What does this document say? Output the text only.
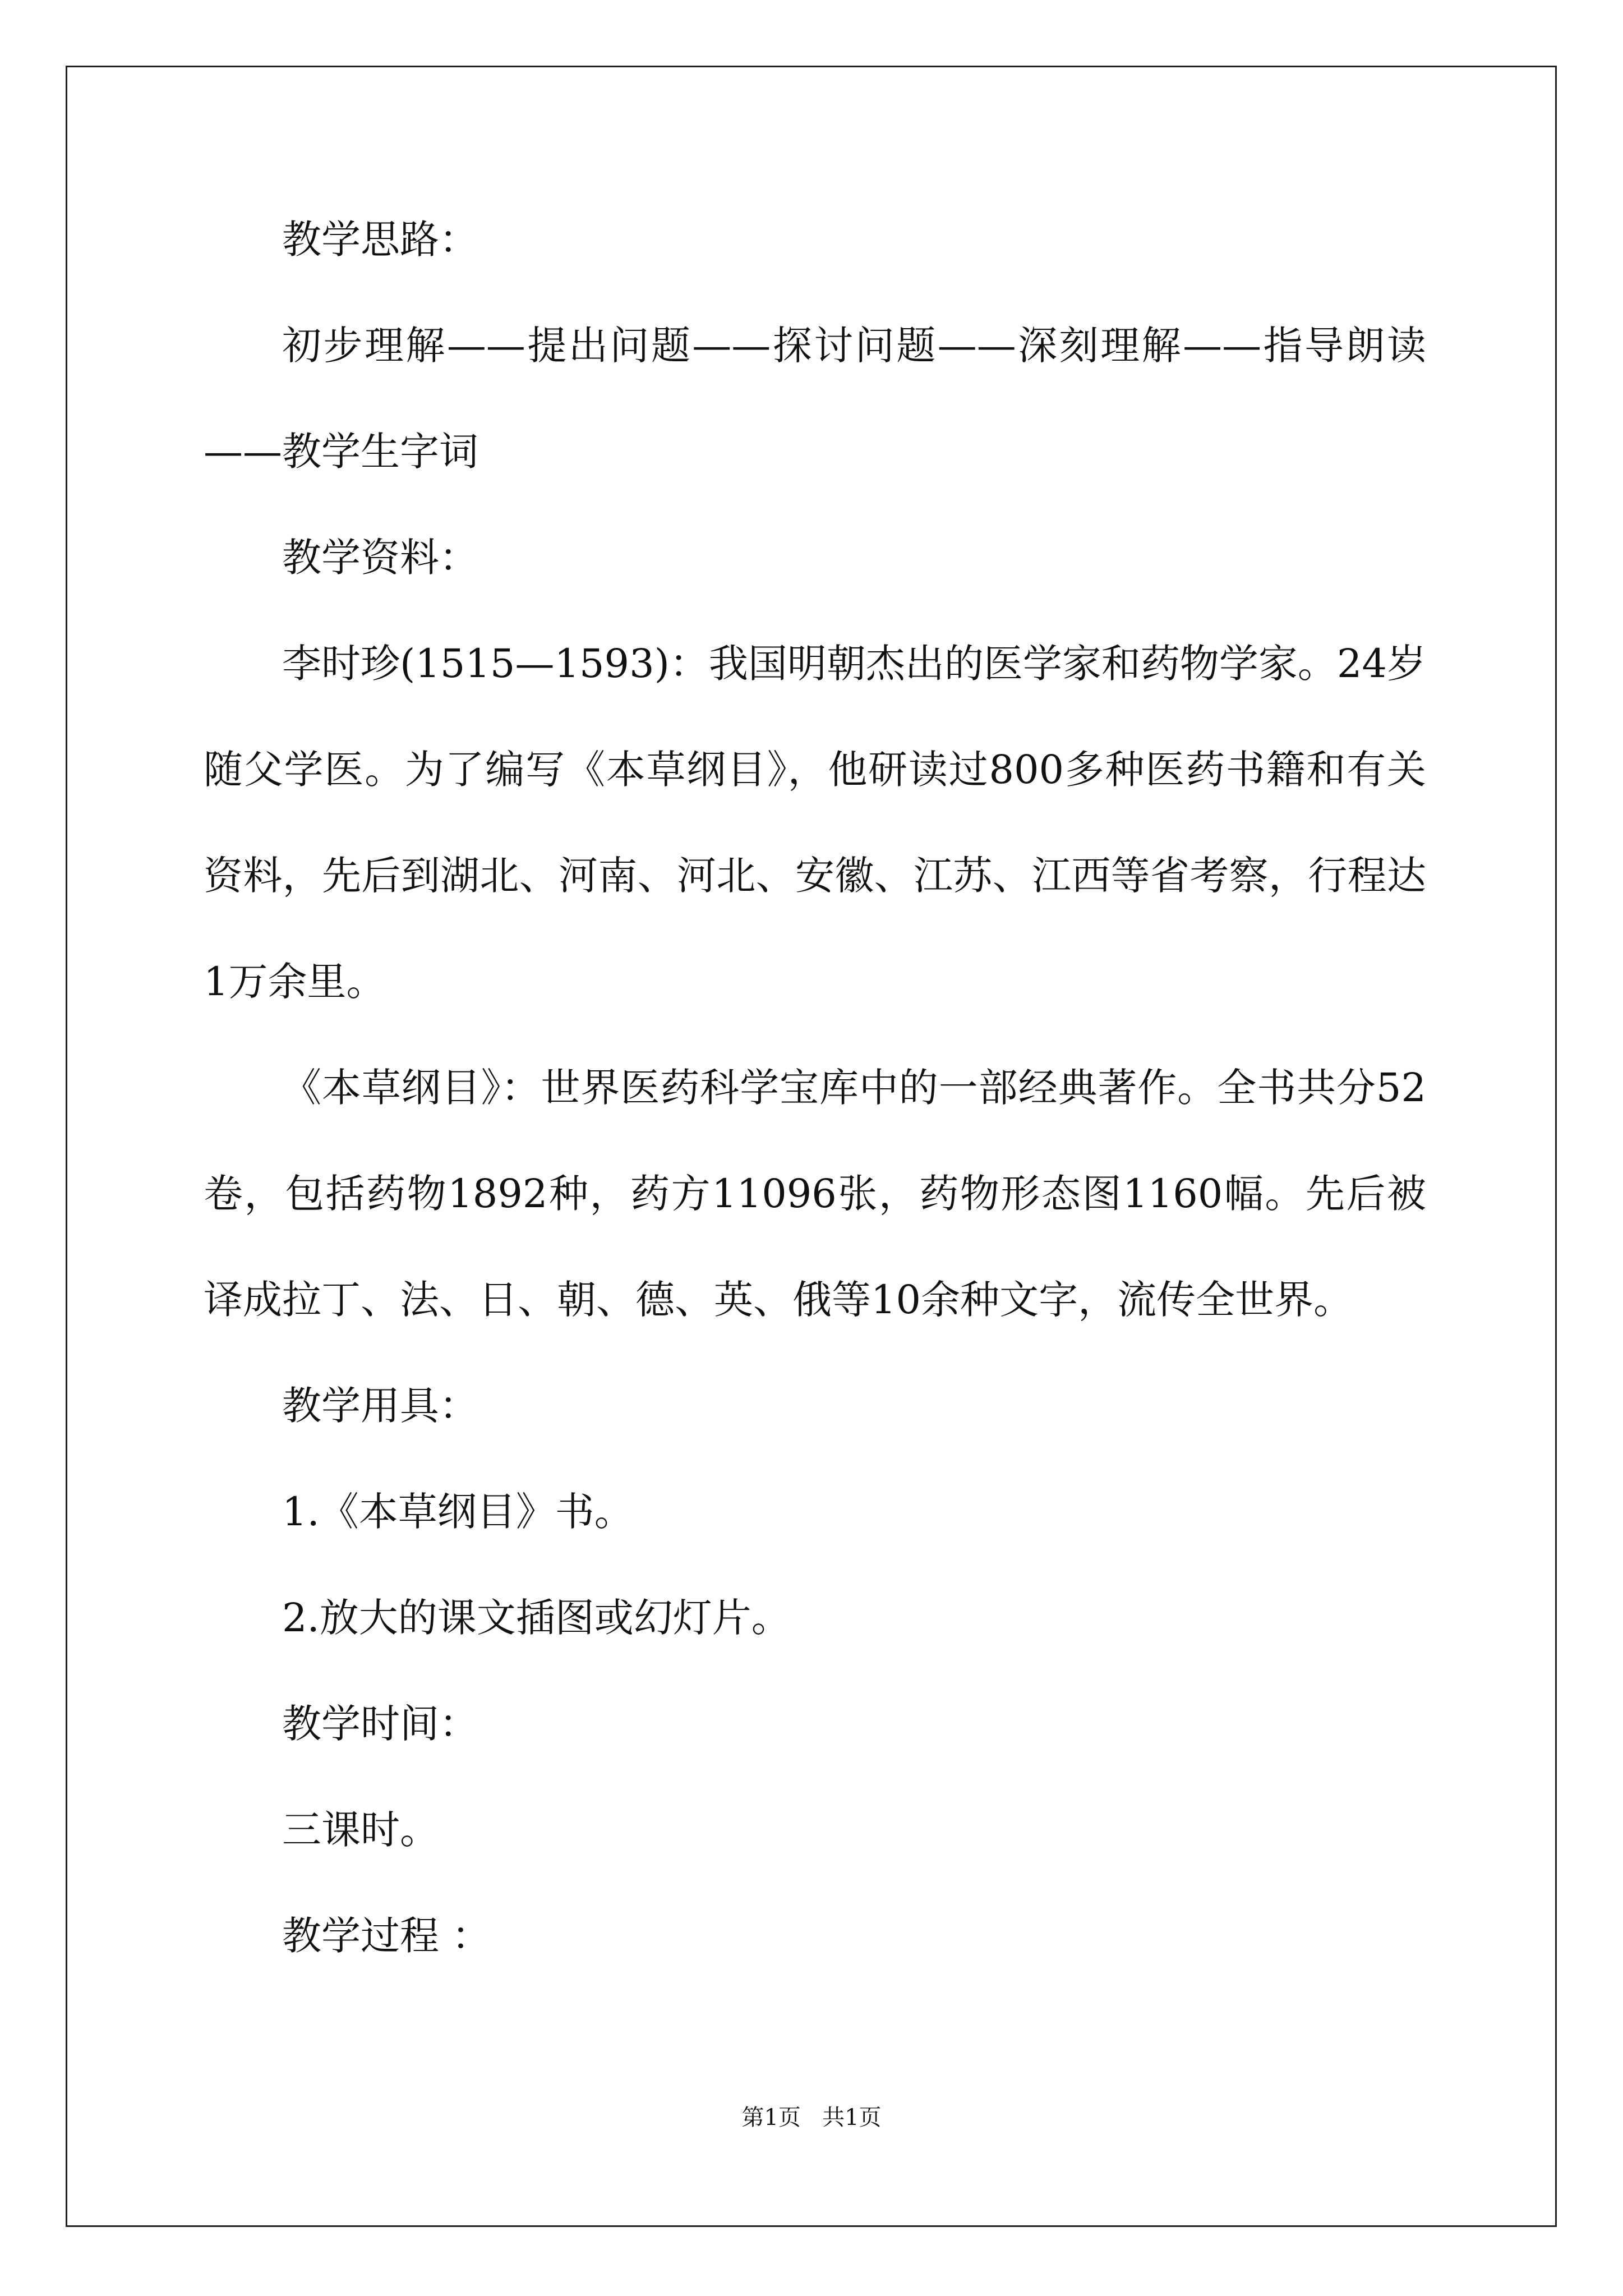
教学思路：

初步理解——提出问题——探讨问题——深刻理解——指导朗读——教学生字词

教学资料：

李时珍(1515—1593)：我国明朝杰出的医学家和药物学家。24岁随父学医。为了编写《本草纲目》，他研读过800多种医药书籍和有关资料，先后到湖北、河南、河北、安徽、江苏、江西等省考察，行程达1万余里。

《本草纲目》：世界医药科学宝库中的一部经典著作。全书共分52卷，包括药物1892种，药方11096张，药物形态图1160幅。先后被译成拉丁、法、日、朝、德、英、俄等10余种文字，流传全世界。

教学用具：

1.《本草纲目》书。

2.放大的课文插图或幻灯片。

教学时间：

三课时。

教学过程 ：

第1页 共1页
